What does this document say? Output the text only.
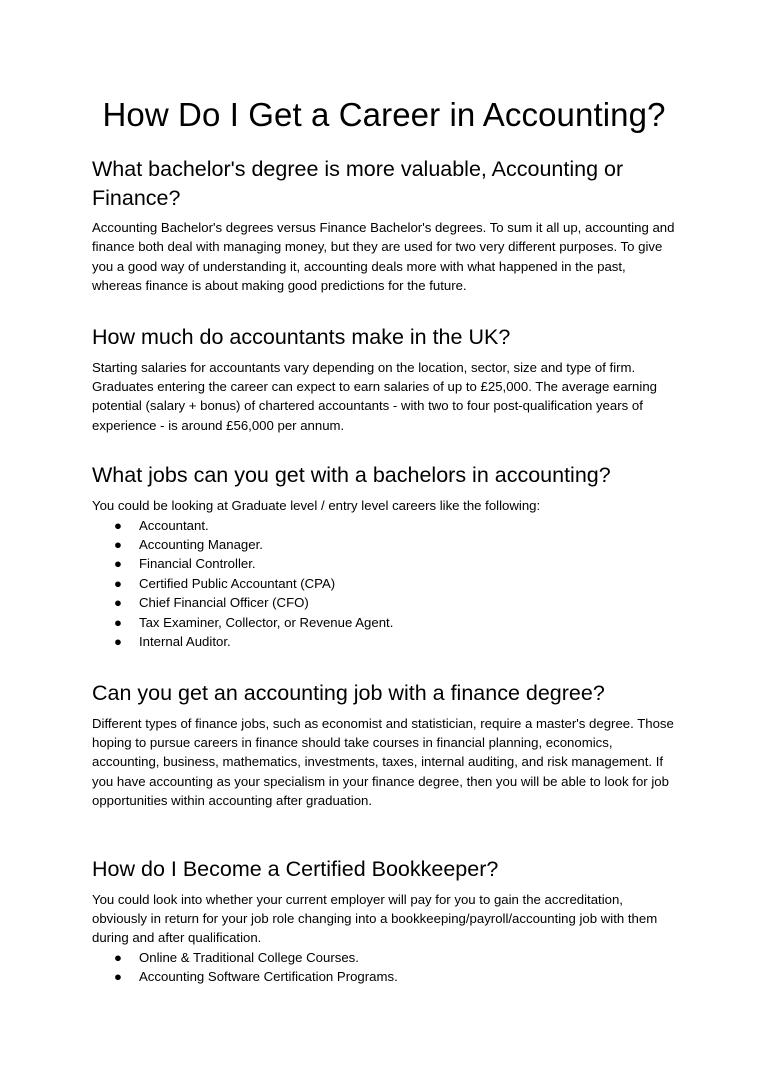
How Do I Get a Career in Accounting?
What bachelor's degree is more valuable, Accounting or
Finance?

Accounting Bachelor's degrees versus Finance Bachelor's degrees. To sum it all up, accounting and finance both deal with managing money, but they are used for two very different purposes. To give you a good way of understanding it, accounting deals more with what happened in the past, whereas finance is about making good predictions for the future.

How much do accountants make in the UK?

Starting salaries for accountants vary depending on the location, sector, size and type of firm. Graduates entering the career can expect to earn salaries of up to £25,000. The average earning potential (salary + bonus) of chartered accountants - with two to four post-qualification years of experience - is around £56,000 per annum.

What jobs can you get with a bachelors in accounting?

You could be looking at Graduate level / entry level careers like the following:

● Accountant.
● Accounting Manager.
● Financial Controller.
● Certified Public Accountant (CPA)
● Chief Financial Officer (CFO)
● Tax Examiner, Collector, or Revenue Agent.
● Internal Auditor.
Can you get an accounting job with a finance degree?

Different types of finance jobs, such as economist and statistician, require a master's degree. Those hoping to pursue careers in finance should take courses in financial planning, economics, accounting, business, mathematics, investments, taxes, internal auditing, and risk management. If you have accounting as your specialism in your finance degree, then you will be able to look for job opportunities within accounting after graduation.

How do I Become a Certified Bookkeeper?

You could look into whether your current employer will pay for you to gain the accreditation, obviously in return for your job role changing into a bookkeeping/payroll/accounting job with them during and after qualification.

● Online & Traditional College Courses.
● Accounting Software Certification Programs.
